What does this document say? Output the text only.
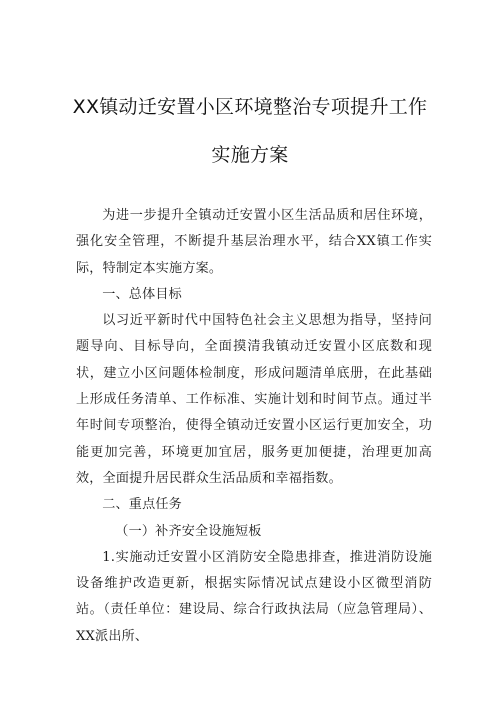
XX镇动迁安置小区环境整治专项提升工作
实施方案

为进一步提升全镇动迁安置小区生活品质和居住环境，强化安全管理，不断提升基层治理水平，结合XX镇工作实际，特制定本实施方案。

一、总体目标

以习近平新时代中国特色社会主义思想为指导，坚持问题导向、目标导向，全面摸清我镇动迁安置小区底数和现状，建立小区问题体检制度，形成问题清单底册，在此基础上形成任务清单、工作标准、实施计划和时间节点。通过半年时间专项整治，使得全镇动迁安置小区运行更加安全，功能更加完善，环境更加宜居，服务更加便捷，治理更加高效，全面提升居民群众生活品质和幸福指数。

二、重点任务

（一）补齐安全设施短板

1.实施动迁安置小区消防安全隐患排查，推进消防设施设备维护改造更新，根据实际情况试点建设小区微型消防站。（责任单位：建设局、综合行政执法局（应急管理局）、XX派出所、
